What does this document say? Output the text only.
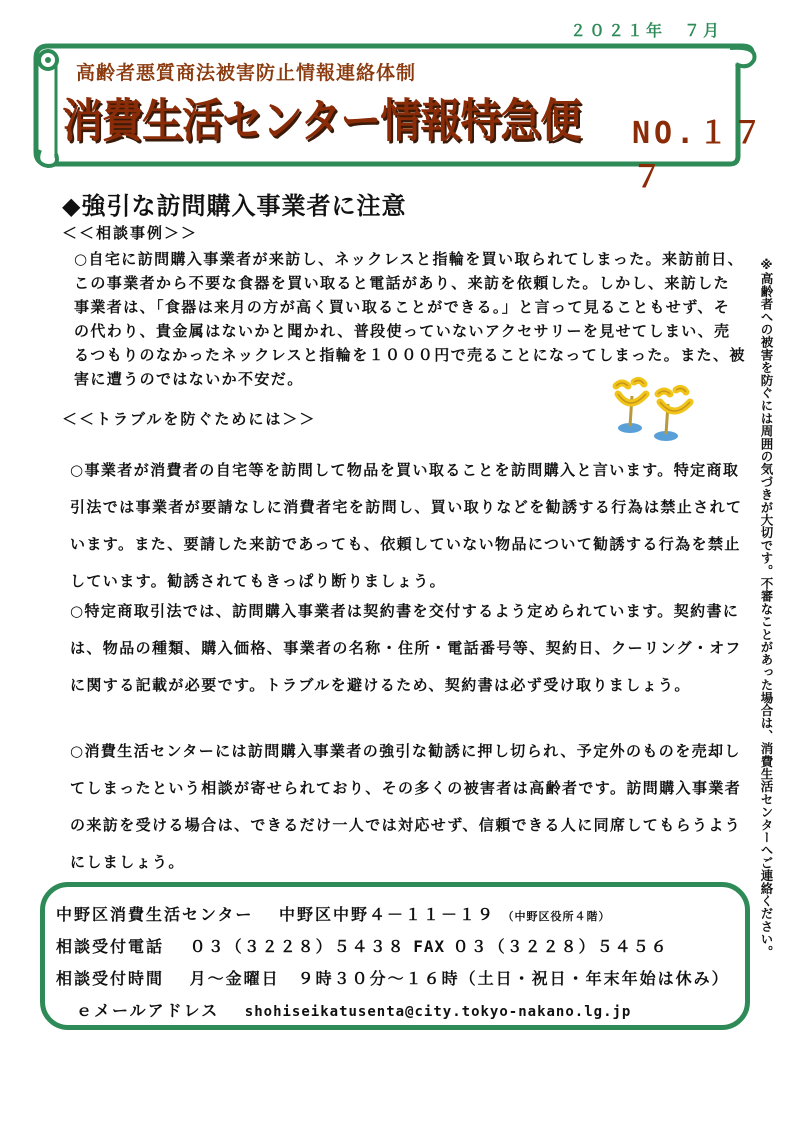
２０２１年　７月
高齢者悪質商法被害防止情報連絡体制
消費生活センター情報特急便 NO.１７７
◆強引な訪問購入事業者に注意
＜＜相談事例＞＞
○自宅に訪問購入事業者が来訪し、ネックレスと指輪を買い取られてしまった。来訪前日、この事業者から不要な食器を買い取ると電話があり、来訪を依頼した。しかし、来訪した事業者は、「食器は来月の方が高く買い取ることができる。」と言って見ることもせず、その代わり、貴金属はないかと聞かれ、普段使っていないアクセサリーを見せてしまい、売るつもりのなかったネックレスと指輪を１０００円で売ることになってしまった。また、被害に遭うのではないか不安だ。
＜＜トラブルを防ぐためには＞＞
○事業者が消費者の自宅等を訪問して物品を買い取ることを訪問購入と言います。特定商取引法では事業者が要請なしに消費者宅を訪問し、買い取りなどを勧誘する行為は禁止されています。また、要請した来訪であっても、依頼していない物品について勧誘する行為を禁止しています。勧誘されてもきっぱり断りましょう。
○特定商取引法では、訪問購入事業者は契約書を交付するよう定められています。契約書には、物品の種類、購入価格、事業者の名称・住所・電話番号等、契約日、クーリング・オフに関する記載が必要です。トラブルを避けるため、契約書は必ず受け取りましょう。
○消費生活センターには訪問購入事業者の強引な勧誘に押し切られ、予定外のものを売却してしまったという相談が寄せられており、その多くの被害者は高齢者です。訪問購入事業者の来訪を受ける場合は、できるだけ一人では対応せず、信頼できる人に同席してもらうようにしましょう。	※高齢者への被害を防ぐには周囲の気づきが大切です。不審なことがあった場合は、消費生活センターへご連絡ください。
中野区消費生活センター　 中野区中野４－１１－１９ （中野区役所４階）
相談受付電話　 ０３（３２２８）５４３８ FAX ０３（３２２８）５４５６
相談受付時間　 月～金曜日　９時３０分～１６時（土日・祝日・年末年始は休み）
ｅメールアドレス　 shohiseikatusenta@city.tokyo-nakano.lg.jp
